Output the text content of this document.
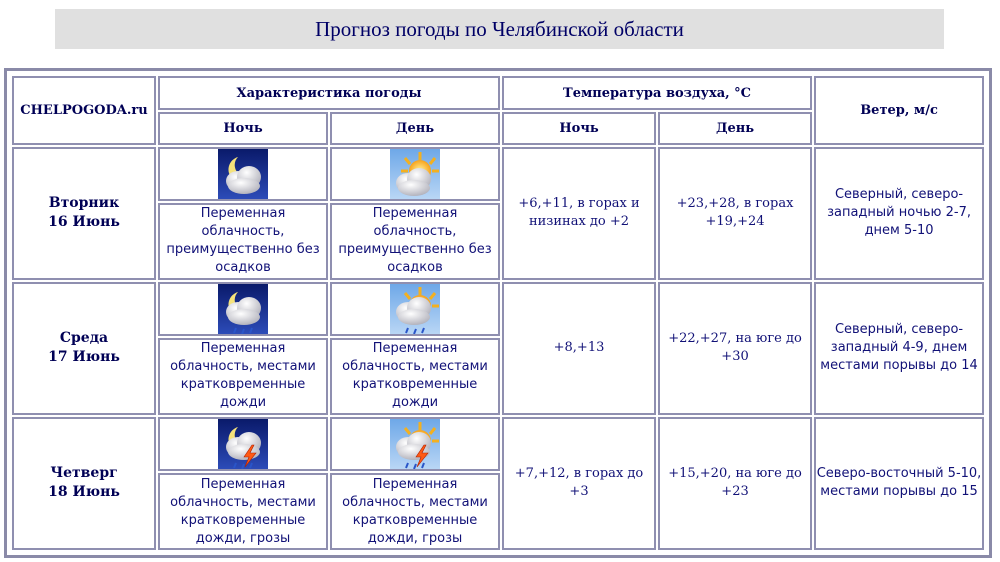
Прогноз погоды по Челябинской области
CHELPOGODA.ru	Характеристика погоды		Температура воздуха, °С		Ветер, м/с
	Ночь	День	Ночь	День	

Вторник
16 Июнь			+6,+11, в горах и низинах до +2	+23,+28, в горах +19,+24	Северный, северо-западный ночью 2-7, днем 5-10
	Переменная облачность, преимущественно без осадков	Переменная облачность, преимущественно без осадков			

Среда
17 Июнь			+8,+13	+22,+27, на юге до +30	Северный, северо-западный 4-9, днем местами порывы до 14
	Переменная облачность, местами кратковременные дожди	Переменная облачность, местами кратковременные дожди			

Четверг
18 Июнь			+7,+12, в горах до +3	+15,+20, на юге до +23	Северо-восточный 5-10, местами порывы до 15
	Переменная облачность, местами кратковременные дожди, грозы	Переменная облачность, местами кратковременные дожди, грозы			
